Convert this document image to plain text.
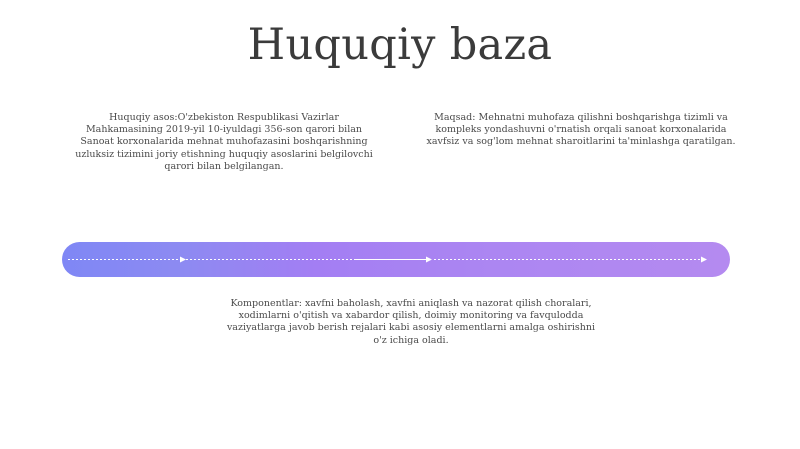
Huquqiy baza
Huquqiy asos:O'zbekiston Respublikasi Vazirlar Mahkamasining 2019-yil 10-iyuldagi 356-son qarori bilan Sanoat korxonalarida mehnat muhofazasini boshqarishning uzluksiz tizimini joriy etishning huquqiy asoslarini belgilovchi qarori bilan belgilangan.
Maqsad: Mehnatni muhofaza qilishni boshqarishga tizimli va kompleks yondashuvni o'rnatish orqali sanoat korxonalarida xavfsiz va sog'lom mehnat sharoitlarini ta'minlashga qaratilgan.
Komponentlar: xavfni baholash, xavfni aniqlash va nazorat qilish choralari, xodimlarni o'qitish va xabardor qilish, doimiy monitoring va favqulodda vaziyatlarga javob berish rejalari kabi asosiy elementlarni amalga oshirishni o'z ichiga oladi.
